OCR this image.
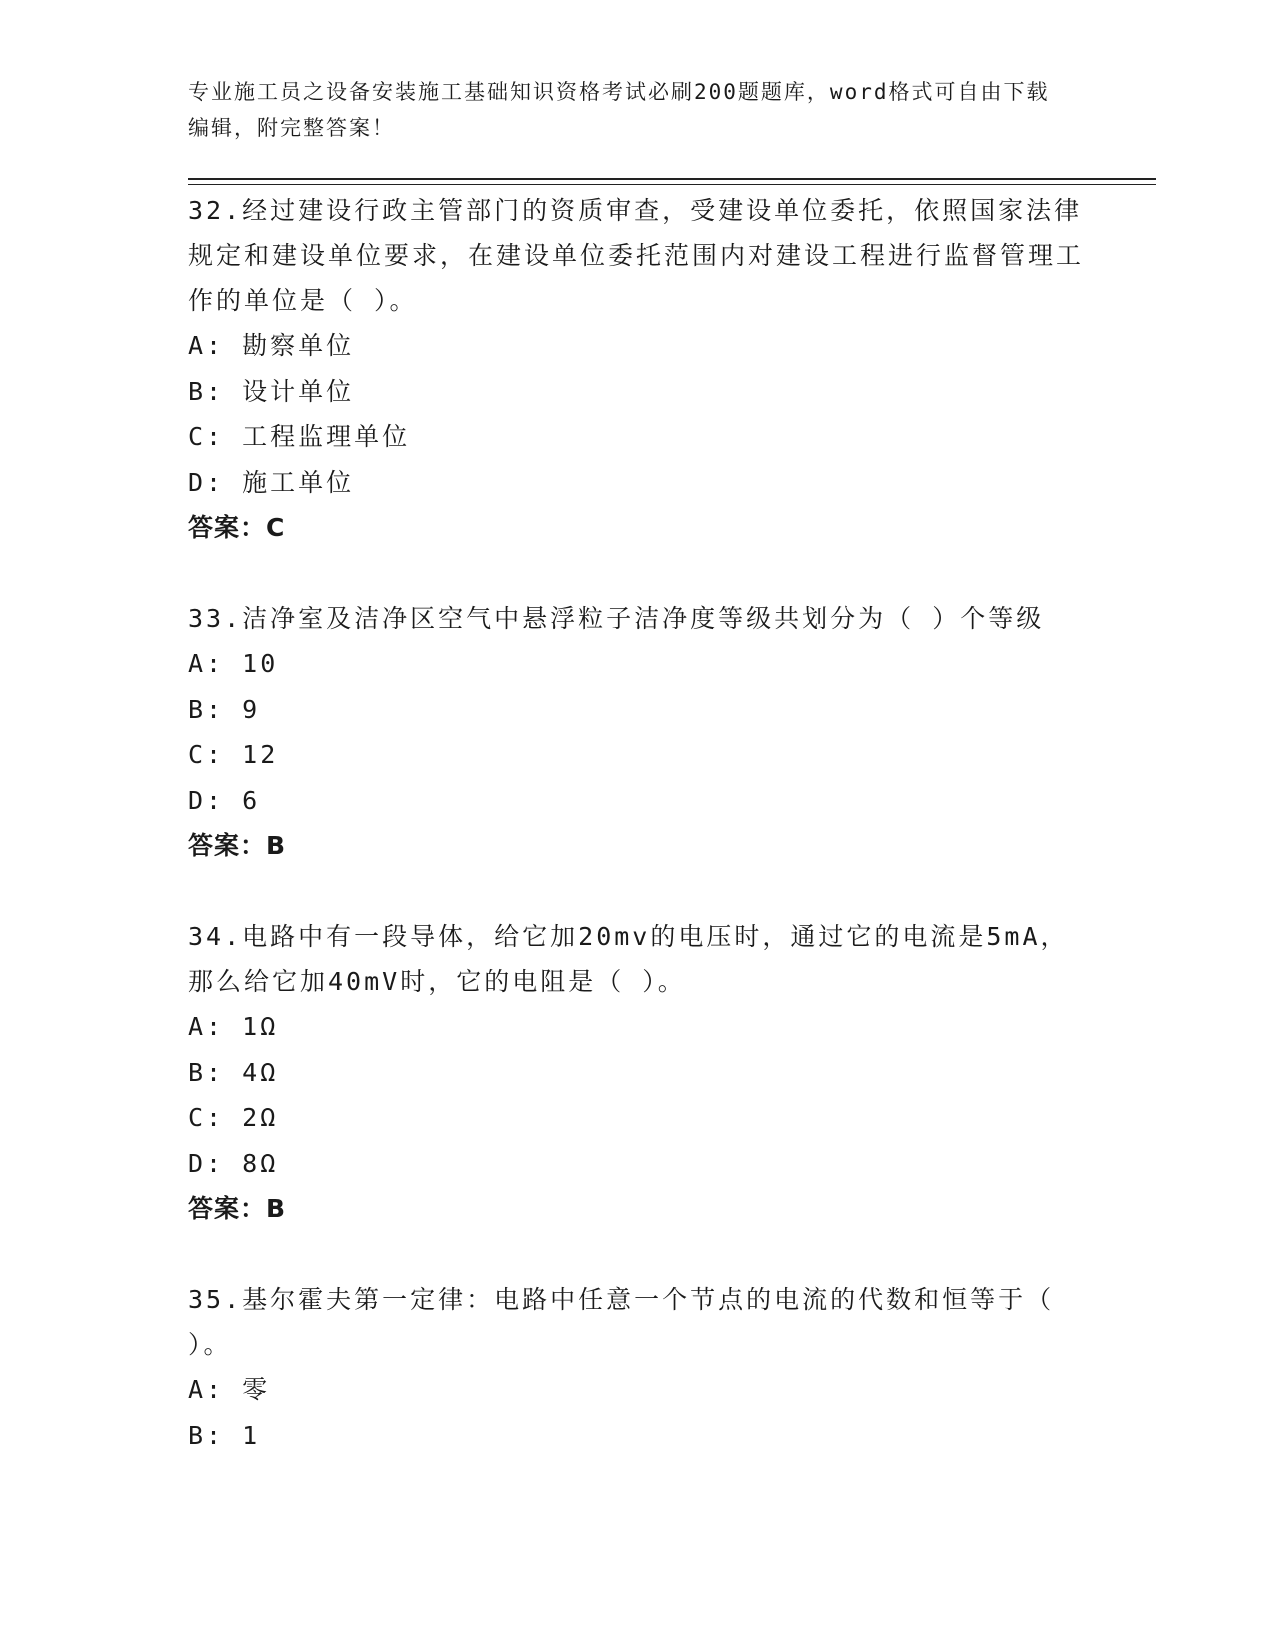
专业施工员之设备安装施工基础知识资格考试必刷200题题库，word格式可自由下载编辑，附完整答案！

32.经过建设行政主管部门的资质审查，受建设单位委托，依照国家法律规定和建设单位要求，在建设单位委托范围内对建设工程进行监督管理工作的单位是（ ）。

A: 勘察单位

B: 设计单位

C: 工程监理单位

D: 施工单位

答案：C

33.洁净室及洁净区空气中悬浮粒子洁净度等级共划分为（ ）个等级

A: 10

B: 9

C: 12

D: 6

答案：B

34.电路中有一段导体，给它加20mv的电压时，通过它的电流是5mA，那么给它加40mV时，它的电阻是（ ）。

A: 1Ω

B: 4Ω

C: 2Ω

D: 8Ω

答案：B

35.基尔霍夫第一定律：电路中任意一个节点的电流的代数和恒等于（ ）。

A: 零

B: 1
